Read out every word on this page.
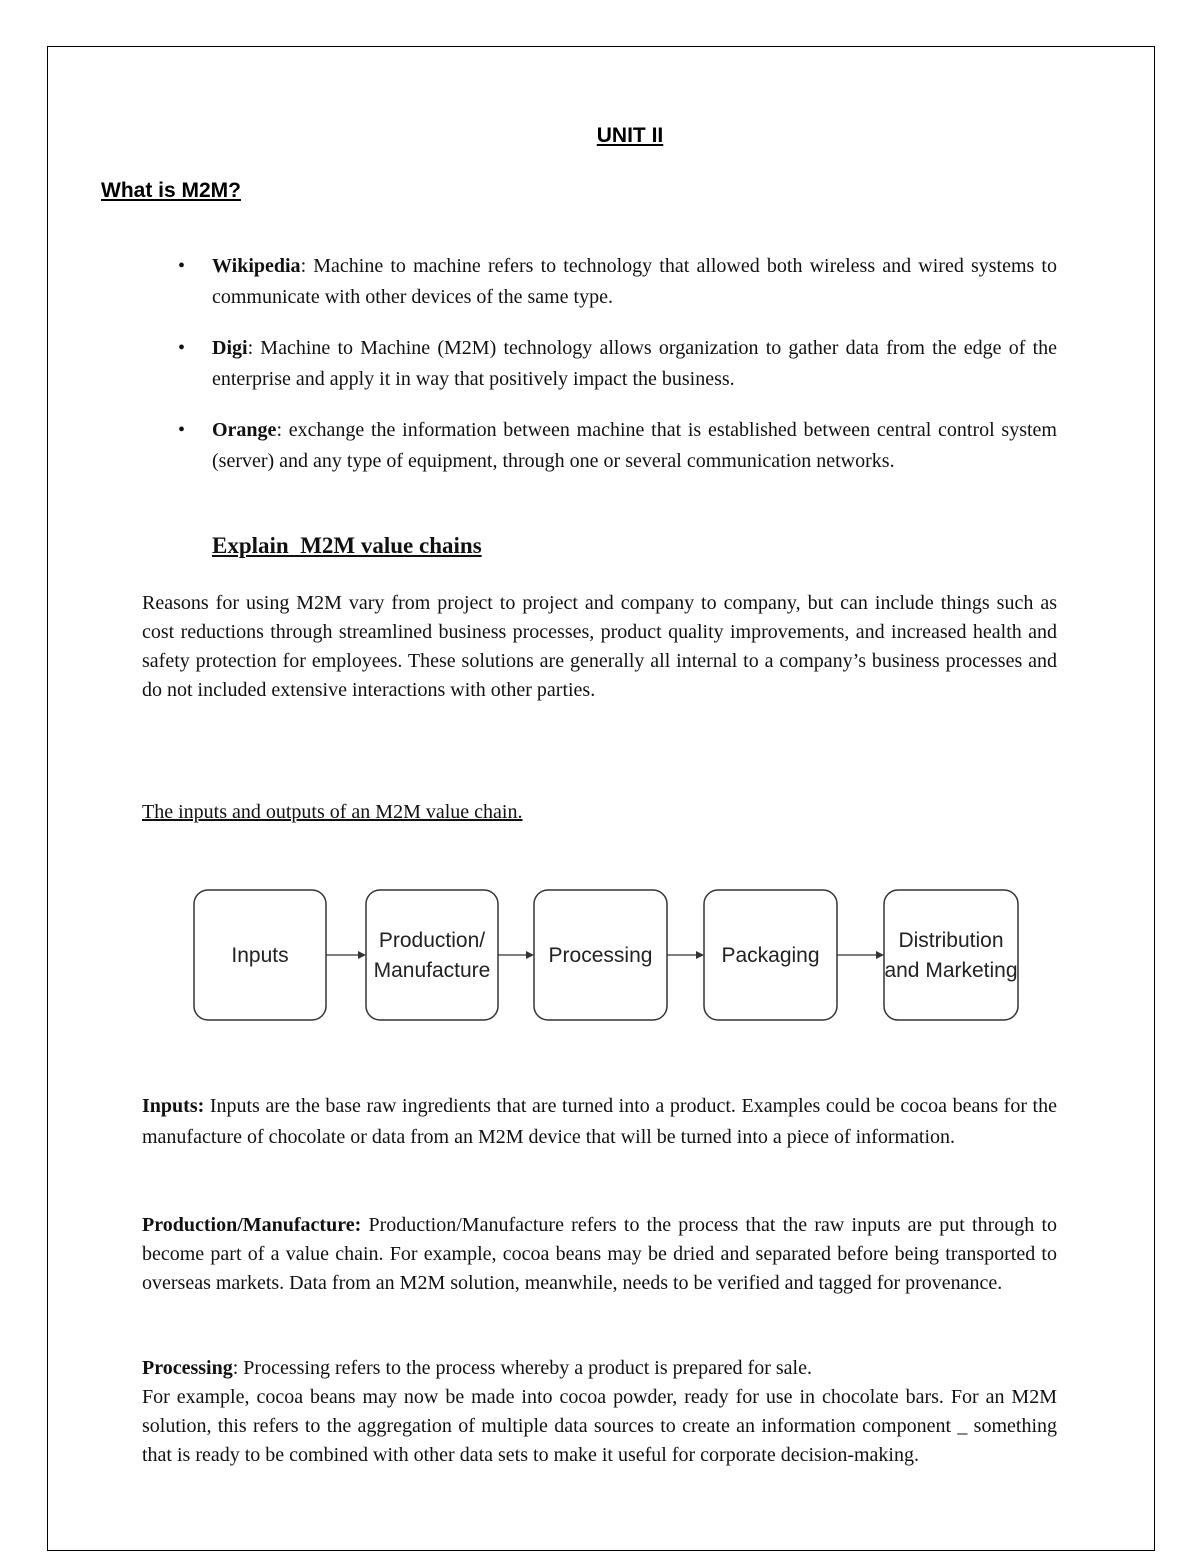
UNIT II
What is M2M?
• Wikipedia: Machine to machine refers to technology that allowed both wireless and wired systems to communicate with other devices of the same type.

• Digi: Machine to Machine (M2M) technology allows organization to gather data from the edge of the enterprise and apply it in way that positively impact the business.

• Orange: exchange the information between machine that is established between central control system (server) and any type of equipment, through one or several communication networks.

Explain  M2M value chains

Reasons for using M2M vary from project to project and company to company, but can include things such as cost reductions through streamlined business processes, product quality improvements, and increased health and safety protection for employees. These solutions are generally all internal to a company’s business processes and do not included extensive interactions with other parties.

The inputs and outputs of an M2M value chain.

Inputs
Production/
Manufacture
Processing	Packaging
Distribution
and Marketing

Inputs: Inputs are the base raw ingredients that are turned into a product. Examples could be cocoa beans for the manufacture of chocolate or data from an M2M device that will be turned into a piece of information.

Production/Manufacture: Production/Manufacture refers to the process that the raw inputs are put through to become part of a value chain. For example, cocoa beans may be dried and separated before being transported to overseas markets. Data from an M2M solution, meanwhile, needs to be verified and tagged for provenance.

Processing: Processing refers to the process whereby a product is prepared for sale.
For example, cocoa beans may now be made into cocoa powder, ready for use in chocolate bars. For an M2M solution, this refers to the aggregation of multiple data sources to create an information component _ something that is ready to be combined with other data sets to make it useful for corporate decision-making.
